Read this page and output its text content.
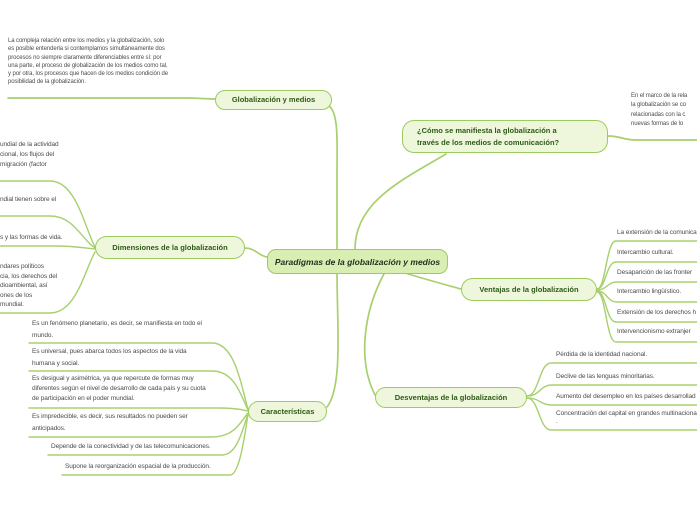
La compleja relación entre los medios y la globalización, solo
es posible entenderla si contemplamos simultáneamente dos
procesos no siempre claramente diferenciables entre sí: por
una parte, el proceso de globalización de los medios como tal,
y por otra, los procesos que hacen de los medios condición de
posibilidad de la globalización.
En el marco de la rela
la globalización se co
relacionadas con la c
nuevas formas de lo
Globalización y medios
¿Cómo se manifiesta la globalización a
través de los medios de comunicación?
Dimensiones de la globalización
Paradigmas de la globalización y medios
Ventajas de la globalización
Características
Desventajas de la globalización
undial de la actividad
cional, los flujos del
migración (factor
ndial tienen sobre el
s y las formas de vida.
ndares políticos
cia, los derechos del
dioambiental, así
ones de los
mundial.
La extensión de la comunica
Intercambio cultural.
Desaparición de las fronter
Intercambio lingüístico.
Extensión de los derechos h
Intervencionismo extranjer
Pérdida de la identidad nacional.
Declive de las lenguas minoritarias.
Aumento del desempleo en los países desarrollad
Concentración del capital en grandes multinaciona
.
Es un fenómeno planetario, es decir, se manifiesta en todo el
mundo.
Es universal, pues abarca todos los aspectos de la vida
humana y social.
Es desigual y asimétrica, ya que repercute de formas muy
diferentes según el nivel de desarrollo de cada país y su cuota
de participación en el poder mundial.
Es impredecible, es decir, sus resultados no pueden ser
anticipados.
Depende de la conectividad y de las telecomunicaciones.
Supone la reorganización espacial de la producción.
